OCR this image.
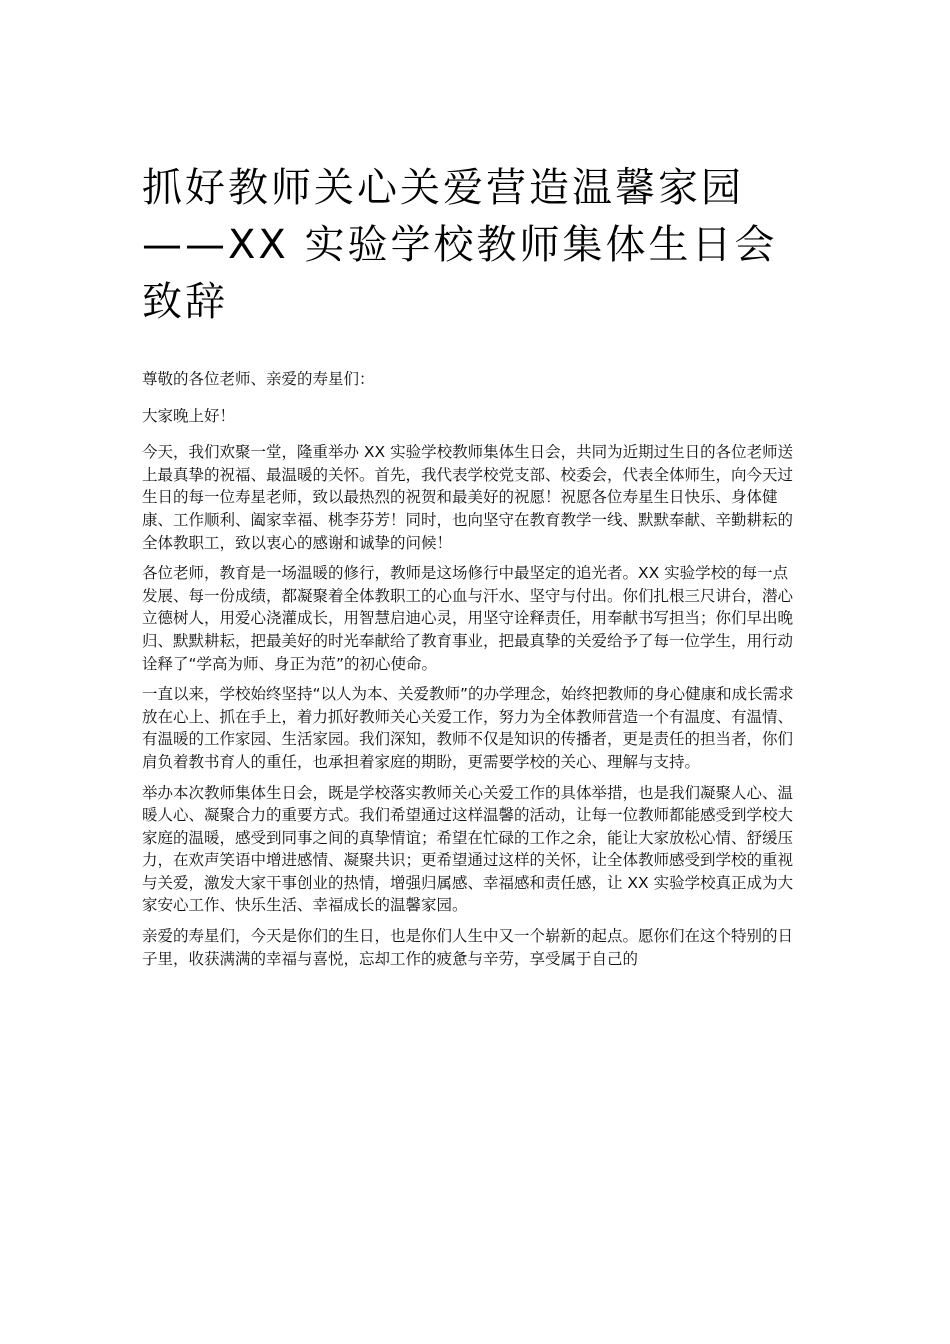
抓好教师关心关爱营造温馨家园——XX 实验学校教师集体生日会致辞

尊敬的各位老师、亲爱的寿星们：

大家晚上好！

今天，我们欢聚一堂，隆重举办 XX 实验学校教师集体生日会，共同为近期过生日的各位老师送上最真挚的祝福、最温暖的关怀。首先，我代表学校党支部、校委会，代表全体师生，向今天过生日的每一位寿星老师，致以最热烈的祝贺和最美好的祝愿！祝愿各位寿星生日快乐、身体健康、工作顺利、阖家幸福、桃李芬芳！同时，也向坚守在教育教学一线、默默奉献、辛勤耕耘的全体教职工，致以衷心的感谢和诚挚的问候！

各位老师，教育是一场温暖的修行，教师是这场修行中最坚定的追光者。XX 实验学校的每一点发展、每一份成绩，都凝聚着全体教职工的心血与汗水、坚守与付出。你们扎根三尺讲台，潜心立德树人，用爱心浇灌成长，用智慧启迪心灵，用坚守诠释责任，用奉献书写担当；你们早出晚归、默默耕耘，把最美好的时光奉献给了教育事业，把最真挚的关爱给予了每一位学生，用行动诠释了“学高为师、身正为范”的初心使命。

一直以来，学校始终坚持“以人为本、关爱教师”的办学理念，始终把教师的身心健康和成长需求放在心上、抓在手上，着力抓好教师关心关爱工作，努力为全体教师营造一个有温度、有温情、有温暖的工作家园、生活家园。我们深知，教师不仅是知识的传播者，更是责任的担当者，你们肩负着教书育人的重任，也承担着家庭的期盼，更需要学校的关心、理解与支持。

举办本次教师集体生日会，既是学校落实教师关心关爱工作的具体举措，也是我们凝聚人心、温暖人心、凝聚合力的重要方式。我们希望通过这样温馨的活动，让每一位教师都能感受到学校大家庭的温暖，感受到同事之间的真挚情谊；希望在忙碌的工作之余，能让大家放松心情、舒缓压力，在欢声笑语中增进感情、凝聚共识；更希望通过这样的关怀，让全体教师感受到学校的重视与关爱，激发大家干事创业的热情，增强归属感、幸福感和责任感，让 XX 实验学校真正成为大家安心工作、快乐生活、幸福成长的温馨家园。

亲爱的寿星们，今天是你们的生日，也是你们人生中又一个崭新的起点。愿你们在这个特别的日子里，收获满满的幸福与喜悦，忘却工作的疲惫与辛劳，享受属于自己的
